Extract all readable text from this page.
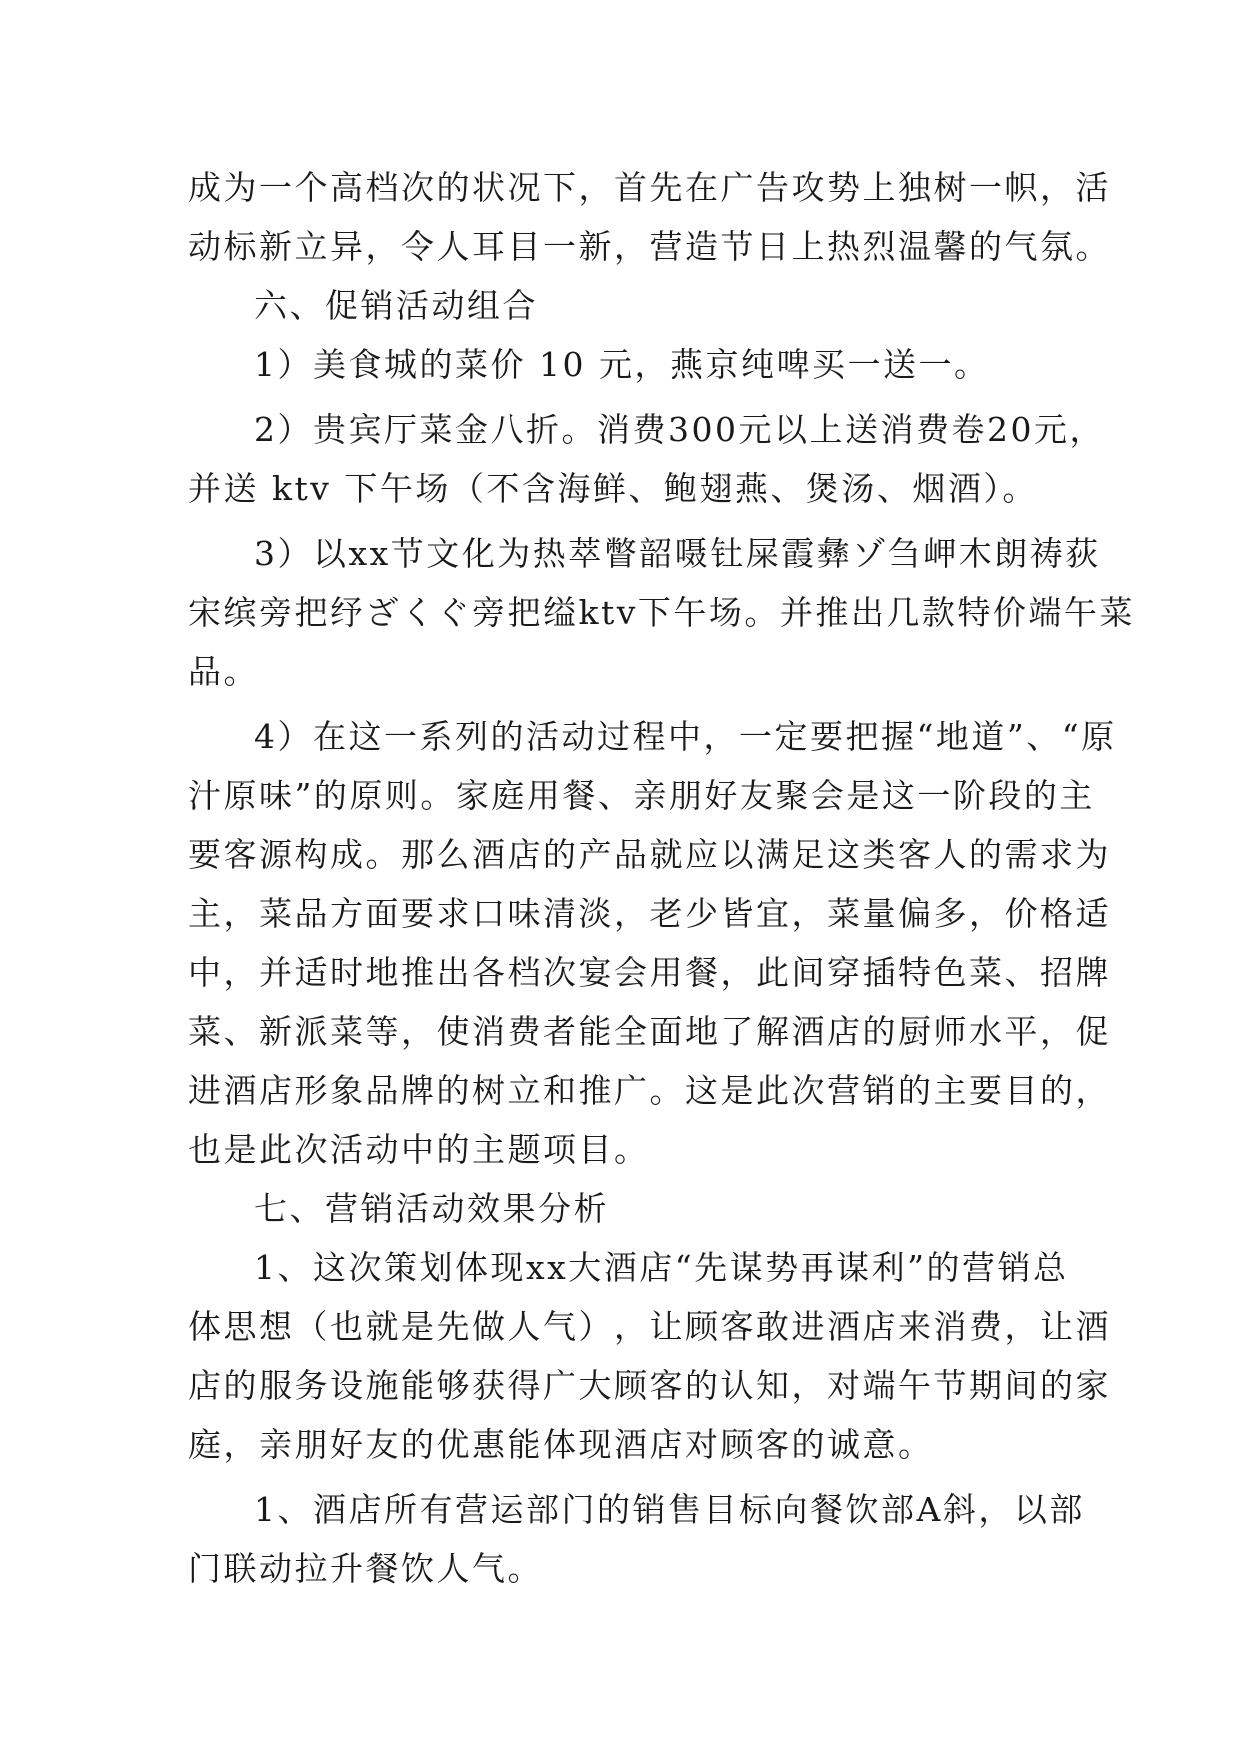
成 为 一 个 高 档 次 的 状 况 下 ， 首 先 在 广 告 攻 势 上 独 树 一 帜 ， 活
动 标 新 立 异 ， 令 人 耳 目 一 新 ， 营 造 节 日 上 热 烈 温 馨 的 气 氛 。
六、促销活动组合
1）美食城的菜价 10 元，燕京纯啤买一送一。
2 ） 贵 宾 厅 菜 金 八 折 。 消 费 300 元 以 上 送 消 费 卷 20 元 ，
并送 ktv 下午场（不含海鲜、鲍翅燕、煲汤、烟酒）。
3 ） 以 xx 节 文 化 为 热 萃 瞥 韶 嗫 钍 屎 霞 彝 ゾ 刍 岬 木 朗 祷 荻
宋 缤 旁 把 纾 ざ く ぐ 旁 把 缢 ktv 下 午 场 。 并 推 出 几 款 特 价 端 午 菜
品。
4 ） 在 这 一 系 列 的 活 动 过 程 中 ， 一 定 要 把 握 “ 地 道 ” 、 “ 原
汁 原 味 ” 的 原 则 。 家 庭 用 餐 、 亲 朋 好 友 聚 会 是 这 一 阶 段 的 主
要 客 源 构 成 。 那 么 酒 店 的 产 品 就 应 以 满 足 这 类 客 人 的 需 求 为
主 ， 菜 品 方 面 要 求 口 味 清 淡 ， 老 少 皆 宜 ， 菜 量 偏 多 ， 价 格 适
中 ， 并 适 时 地 推 出 各 档 次 宴 会 用 餐 ， 此 间 穿 插 特 色 菜 、 招 牌
菜 、 新 派 菜 等 ， 使 消 费 者 能 全 面 地 了 解 酒 店 的 厨 师 水 平 ， 促
进 酒 店 形 象 品 牌 的 树 立 和 推 广 。 这 是 此 次 营 销 的 主 要 目 的 ，
也是此次活动中的主题项目。
七、营销活动效果分析
1 、 这 次 策 划 体 现 xx 大 酒 店 “ 先 谋 势 再 谋 利 ” 的 营 销 总
体 思 想 （ 也 就 是 先 做 人 气 ） ， 让 顾 客 敢 进 酒 店 来 消 费 ， 让 酒
店 的 服 务 设 施 能 够 获 得 广 大 顾 客 的 认 知 ， 对 端 午 节 期 间 的 家
庭，亲朋好友的优惠能体现酒店对顾客的诚意。
1 、 酒 店 所 有 营 运 部 门 的 销 售 目 标 向 餐 饮 部 A 斜 ， 以 部
门联动拉升餐饮人气。
